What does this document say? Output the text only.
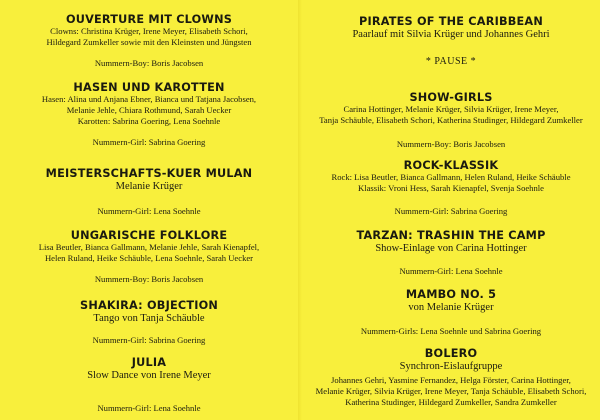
OUVERTURE MIT CLOWNS
Clowns: Christina Krüger, Irene Meyer, Elisabeth Schori,
Hildegard Zumkeller sowie mit den Kleinsten und Jüngsten
Nummern-Boy: Boris Jacobsen
HASEN UND KAROTTEN
Hasen: Alina und Anjana Ebner, Bianca und Tatjana Jacobsen,
Melanie Jehle, Chiara Rothmund, Sarah Uecker
Karotten: Sabrina Goering, Lena Soehnle
Nummern-Girl: Sabrina Goering
MEISTERSCHAFTS-KUER MULAN
Melanie Krüger
Nummern-Girl: Lena Soehnle
UNGARISCHE FOLKLORE
Lisa Beutler, Bianca Gallmann, Melanie Jehle, Sarah Kienapfel,
Helen Ruland, Heike Schäuble, Lena Soehnle, Sarah Uecker
Nummern-Boy: Boris Jacobsen
SHAKIRA: OBJECTION
Tango von Tanja Schäuble
Nummern-Girl: Sabrina Goering
JULIA
Slow Dance von Irene Meyer
Nummern-Girl: Lena Soehnle
PIRATES OF THE CARIBBEAN
Paarlauf mit Silvia Krüger und Johannes Gehri
* PAUSE *
SHOW-GIRLS
Carina Hottinger, Melanie Krüger, Silvia Krüger, Irene Meyer,
Tanja Schäuble, Elisabeth Schori, Katherina Studinger, Hildegard Zumkeller
Nummern-Boy: Boris Jacobsen
ROCK-KLASSIK
Rock: Lisa Beutler, Bianca Gallmann, Helen Ruland, Heike Schäuble
Klassik: Vroni Hess, Sarah Kienapfel, Svenja Soehnle
Nummern-Girl: Sabrina Goering
TARZAN: TRASHIN THE CAMP
Show-Einlage von Carina Hottinger
Nummern-Girl: Lena Soehnle
MAMBO NO. 5
von Melanie Krüger
Nummern-Girls: Lena Soehnle und Sabrina Goering
BOLERO
Synchron-Eislaufgruppe
Johannes Gehri, Yasmine Fernandez, Helga Förster, Carina Hottinger,
Melanie Krüger, Silvia Krüger, Irene Meyer, Tanja Schäuble, Elisabeth Schori,
Katherina Studinger, Hildegard Zumkeller, Sandra Zumkeller
